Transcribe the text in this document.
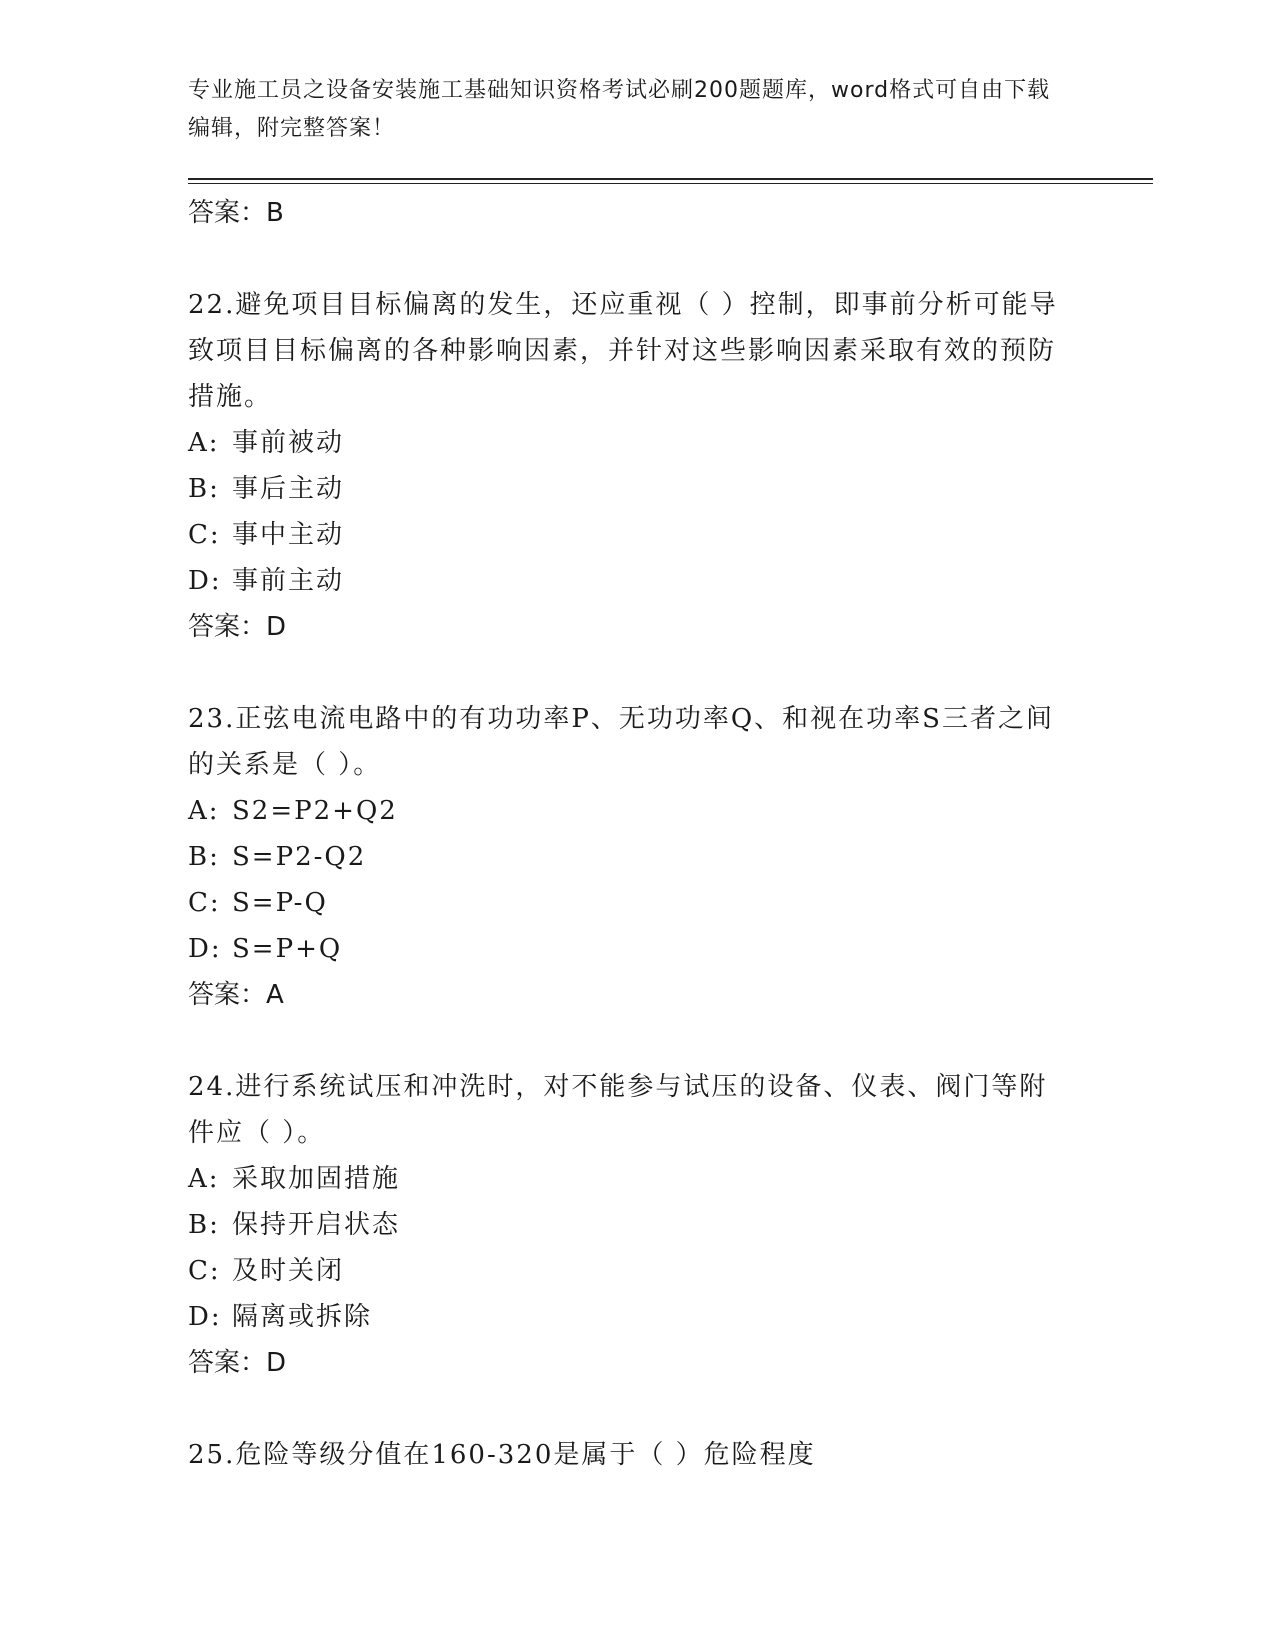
专业施工员之设备安装施工基础知识资格考试必刷200题题库，word格式可自由下载编辑，附完整答案！

答案：B

22.避免项目目标偏离的发生，还应重视（ ）控制，即事前分析可能导致项目目标偏离的各种影响因素，并针对这些影响因素采取有效的预防措施。

A: 事前被动

B: 事后主动

C: 事中主动

D: 事前主动

答案：D

23.正弦电流电路中的有功功率P、无功功率Q、和视在功率S三者之间的关系是（ ）。

A: S2=P2+Q2

B: S=P2-Q2

C: S=P-Q

D: S=P+Q

答案：A

24.进行系统试压和冲洗时，对不能参与试压的设备、仪表、阀门等附件应（ ）。

A: 采取加固措施

B: 保持开启状态

C: 及时关闭

D: 隔离或拆除

答案：D

25.危险等级分值在160-320是属于（ ）危险程度
